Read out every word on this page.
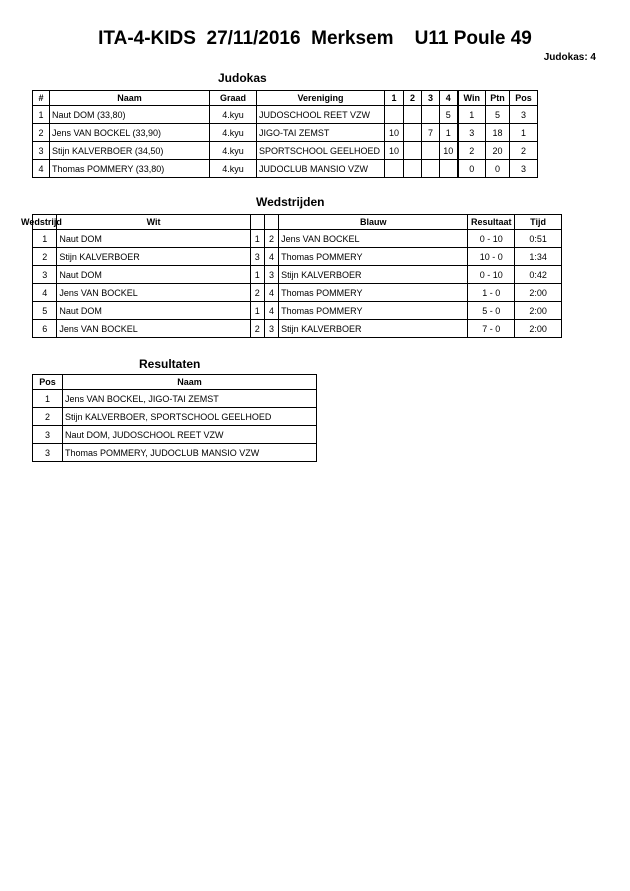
ITA-4-KIDS  27/11/2016  Merksem    U11 Poule 49
Judokas: 4
Judokas
#	Naam	Graad	Vereniging	1	2	3	4	Win	Ptn	Pos
1	Naut DOM (33,80)	4.kyu	JUDOSCHOOL REET VZW				5	1	5	3
2	Jens VAN BOCKEL (33,90)	4.kyu	JIGO-TAI ZEMST	10		7	1	3	18	1
3	Stijn KALVERBOER (34,50)	4.kyu	SPORTSCHOOL GEELHOED	10			10	2	20	2
4	Thomas POMMERY (33,80)	4.kyu	JUDOCLUB MANSIO VZW					0	0	3
Wedstrijden
Wedstrijd	Wit			Blauw	Resultaat	Tijd
1	Naut DOM	1	2	Jens VAN BOCKEL	0 - 10	0:51
2	Stijn KALVERBOER	3	4	Thomas POMMERY	10 - 0	1:34
3	Naut DOM	1	3	Stijn KALVERBOER	0 - 10	0:42
4	Jens VAN BOCKEL	2	4	Thomas POMMERY	1 - 0	2:00
5	Naut DOM	1	4	Thomas POMMERY	5 - 0	2:00
6	Jens VAN BOCKEL	2	3	Stijn KALVERBOER	7 - 0	2:00
Resultaten
Pos	Naam
1	Jens VAN BOCKEL, JIGO-TAI ZEMST
2	Stijn KALVERBOER, SPORTSCHOOL GEELHOED
3	Naut DOM, JUDOSCHOOL REET VZW
3	Thomas POMMERY, JUDOCLUB MANSIO VZW
